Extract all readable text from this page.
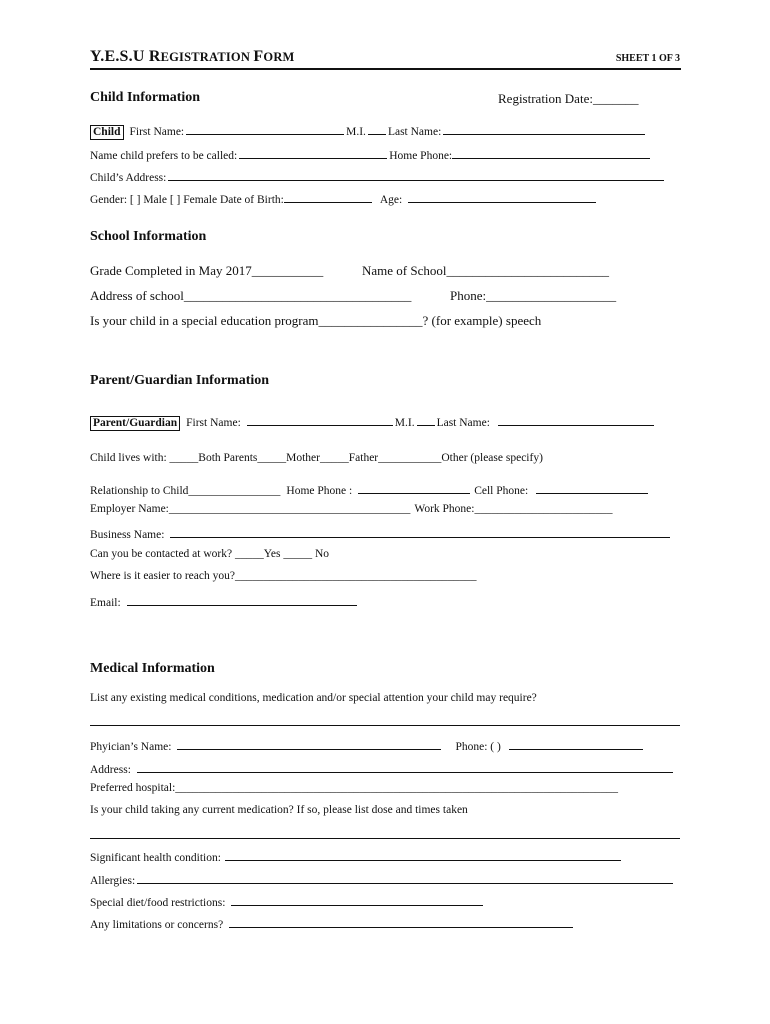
Y.E.S.U REGISTRATION FORM	SHEET 1 OF 3
Child Information	Registration Date:_______
Child First Name:	M.I. Last Name:
Name child prefers to be called:	Home Phone:
Child’s Address:
Gender: [ ] Male [ ] Female Date of Birth:	Age:
School Information
Grade Completed in May 2017___________	Name of School_________________________
Address of school___________________________________	Phone:____________________
Is your child in a special education program________________? (for example) speech
Parent/Guardian Information
Parent/Guardian First Name:	M.I. Last Name:
Child lives with: _____Both Parents_____Mother_____Father___________Other (please specify)
Relationship to Child________________ Home Phone :	Cell Phone:
Employer Name:__________________________________________ Work Phone:________________________
Business Name:
Can you be contacted at work? _____Yes _____ No
Where is it easier to reach you?__________________________________________
Email:
Medical Information
List any existing medical conditions, medication and/or special attention your child may require?
Phyician’s Name:	Phone: ( )
Address:
Preferred hospital:_____________________________________________________________________________
Is your child taking any current medication? If so, please list dose and times taken
Significant health condition:
Allergies:
Special diet/food restrictions:
Any limitations or concerns?
